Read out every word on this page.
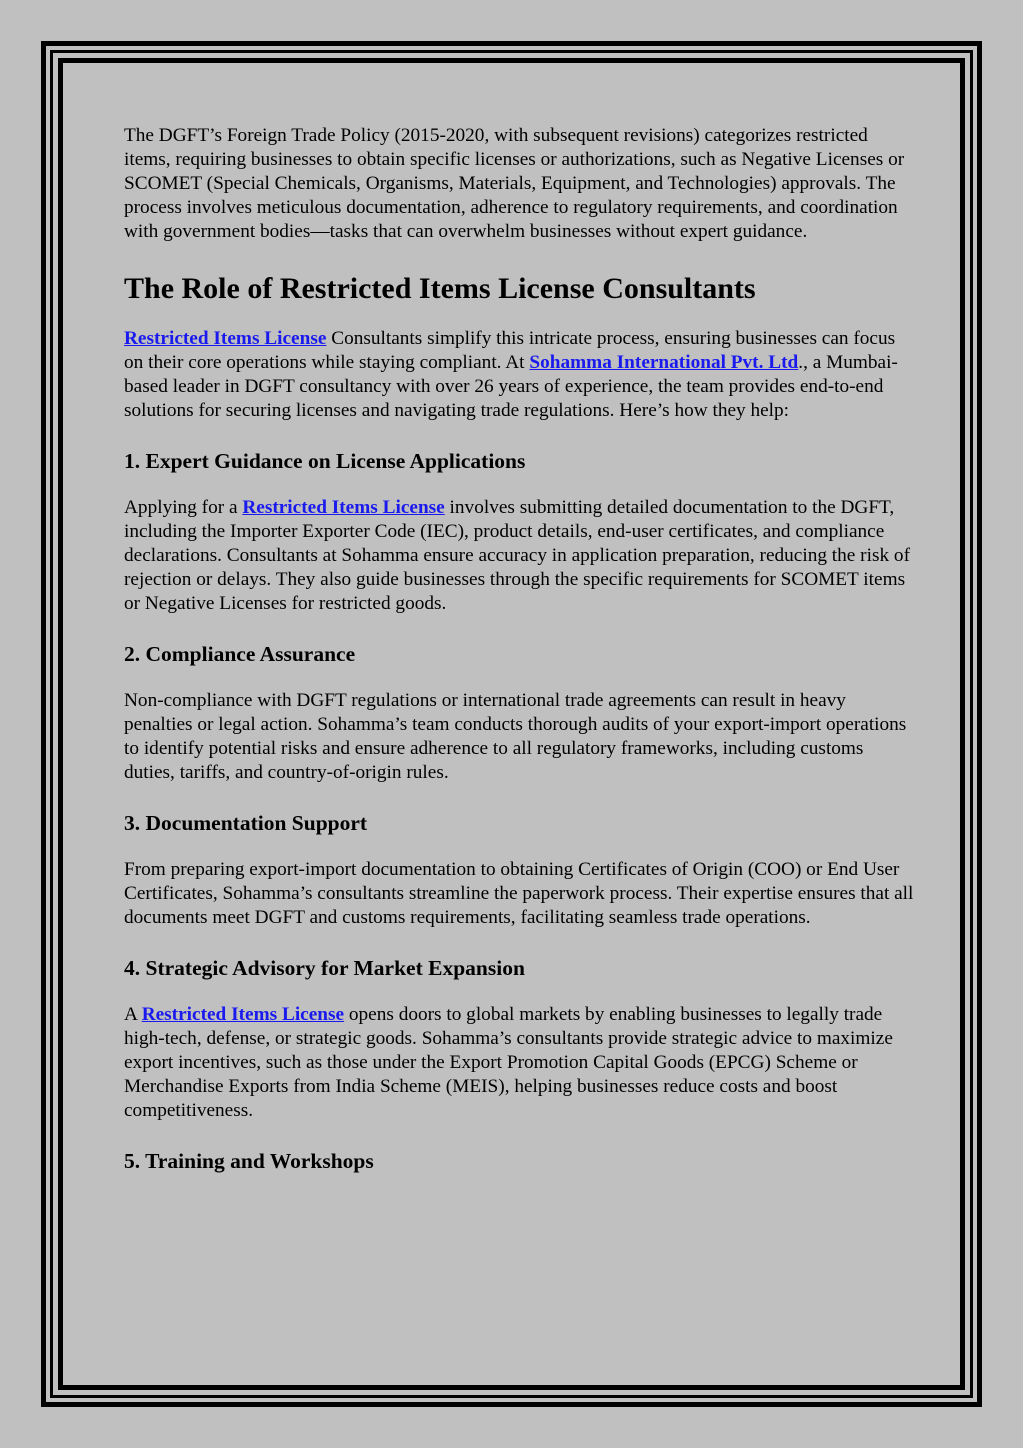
The DGFT’s Foreign Trade Policy (2015-2020, with subsequent revisions) categorizes restricted items, requiring businesses to obtain specific licenses or authorizations, such as Negative Licenses or SCOMET (Special Chemicals, Organisms, Materials, Equipment, and Technologies) approvals. The process involves meticulous documentation, adherence to regulatory requirements, and coordination with government bodies—tasks that can overwhelm businesses without expert guidance.

The Role of Restricted Items License Consultants

Restricted Items License Consultants simplify this intricate process, ensuring businesses can focus on their core operations while staying compliant. At Sohamma International Pvt. Ltd., a Mumbai-based leader in DGFT consultancy with over 26 years of experience, the team provides end-to-end solutions for securing licenses and navigating trade regulations. Here’s how they help:

1. Expert Guidance on License Applications

Applying for a Restricted Items License involves submitting detailed documentation to the DGFT, including the Importer Exporter Code (IEC), product details, end-user certificates, and compliance declarations. Consultants at Sohamma ensure accuracy in application preparation, reducing the risk of rejection or delays. They also guide businesses through the specific requirements for SCOMET items or Negative Licenses for restricted goods.

2. Compliance Assurance

Non-compliance with DGFT regulations or international trade agreements can result in heavy penalties or legal action. Sohamma’s team conducts thorough audits of your export-import operations to identify potential risks and ensure adherence to all regulatory frameworks, including customs duties, tariffs, and country-of-origin rules.

3. Documentation Support

From preparing export-import documentation to obtaining Certificates of Origin (COO) or End User Certificates, Sohamma’s consultants streamline the paperwork process. Their expertise ensures that all documents meet DGFT and customs requirements, facilitating seamless trade operations.

4. Strategic Advisory for Market Expansion

A Restricted Items License opens doors to global markets by enabling businesses to legally trade high-tech, defense, or strategic goods. Sohamma’s consultants provide strategic advice to maximize export incentives, such as those under the Export Promotion Capital Goods (EPCG) Scheme or Merchandise Exports from India Scheme (MEIS), helping businesses reduce costs and boost competitiveness.

5. Training and Workshops
